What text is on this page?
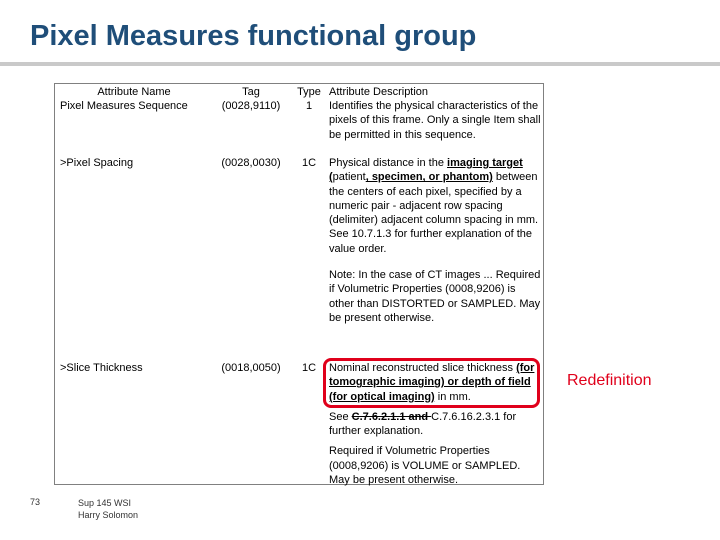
Pixel Measures functional group
Attribute Name	Tag	Type Attribute Description
Pixel Measures Sequence	(0028,9110)	1	Identifies the physical characteristics of the pixels of this frame. Only a single Item shall be permitted in this sequence.
>Pixel Spacing	(0028,0030)	1C	Physical distance in the imaging target (patient, specimen, or phantom) between the centers of each pixel, specified by a numeric pair - adjacent row spacing (delimiter) adjacent column spacing in mm. See 10.7.1.3 for further explanation of the value order.
Note: In the case of CT images ... Required if Volumetric Properties (0008,9206) is other than DISTORTED or SAMPLED. May be present otherwise.
>Slice Thickness	(0018,0050)	1C	Nominal reconstructed slice thickness (for tomographic imaging) or depth of field (for optical imaging) in mm.
See C.7.6.2.1.1 and C.7.6.16.2.3.1 for further explanation.
Required if Volumetric Properties (0008,9206) is VOLUME or SAMPLED. May be present otherwise.
Redefinition
73	Sup 145 WSI
Harry Solomon
